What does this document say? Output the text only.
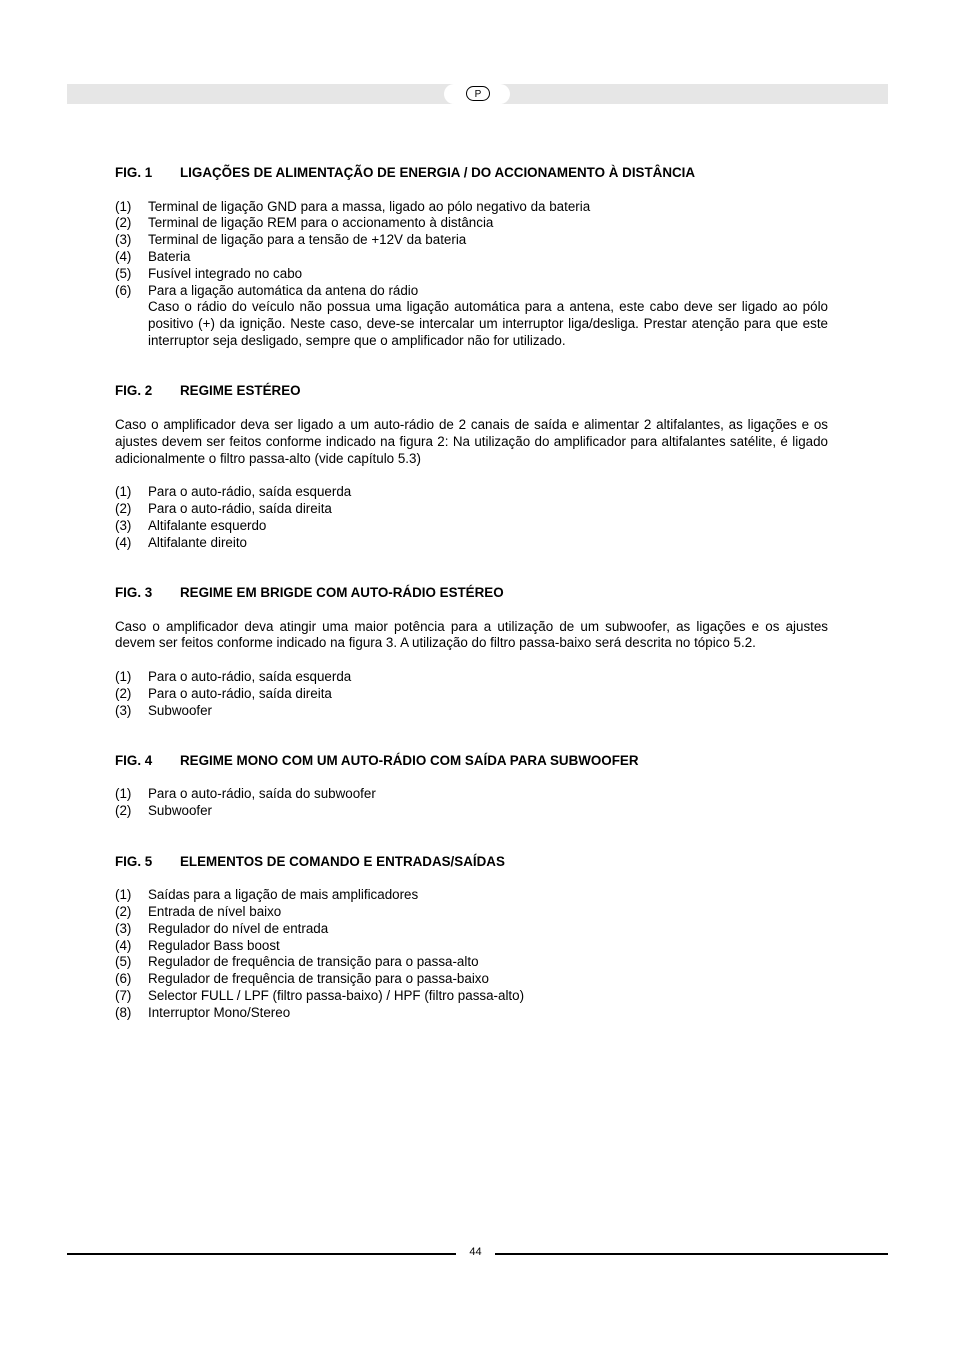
P
FIG. 1	LIGAÇÕES DE ALIMENTAÇÃO DE ENERGIA / DO ACCIONAMENTO À DISTÂNCIA
(1)	Terminal de ligação GND para a massa, ligado ao pólo negativo da bateria
(2)	Terminal de ligação REM para o accionamento à distância
(3)	Terminal de ligação para a tensão de +12V da bateria
(4)	Bateria
(5)	Fusível integrado no cabo
(6)	Para a ligação automática da antena do rádio
Caso o rádio do veículo não possua uma ligação automática para a antena, este cabo deve ser ligado ao pólo positivo (+) da ignição. Neste caso, deve-se intercalar um interruptor liga/desliga. Prestar atenção para que este interruptor seja desligado, sempre que o amplificador não for utilizado.
FIG. 2	REGIME ESTÉREO

Caso o amplificador deva ser ligado a um auto-rádio de 2 canais de saída e alimentar 2 altifalantes, as ligações e os ajustes devem ser feitos conforme indicado na figura 2: Na utilização do amplificador para altifalantes satélite, é ligado adicionalmente o filtro passa-alto (vide capítulo 5.3)

(1)	Para o auto-rádio, saída esquerda
(2)	Para o auto-rádio, saída direita
(3)	Altifalante esquerdo
(4)	Altifalante direito
FIG. 3	REGIME EM BRIGDE COM AUTO-RÁDIO ESTÉREO

Caso o amplificador deva atingir uma maior potência para a utilização de um subwoofer, as ligações e os ajustes devem ser feitos conforme indicado na figura 3. A utilização do filtro passa-baixo será descrita no tópico 5.2.

(1)	Para o auto-rádio, saída esquerda
(2)	Para o auto-rádio, saída direita
(3)	Subwoofer
FIG. 4	REGIME MONO COM UM AUTO-RÁDIO COM SAÍDA PARA SUBWOOFER
(1)	Para o auto-rádio, saída do subwoofer
(2)	Subwoofer
FIG. 5	ELEMENTOS DE COMANDO E ENTRADAS/SAÍDAS
(1)	Saídas para a ligação de mais amplificadores
(2)	Entrada de nível baixo
(3)	Regulador do nível de entrada
(4)	Regulador Bass boost
(5)	Regulador de frequência de transição para o passa-alto
(6)	Regulador de frequência de transição para o passa-baixo
(7)	Selector FULL / LPF (filtro passa-baixo) / HPF (filtro passa-alto)
(8)	Interruptor Mono/Stereo
44
